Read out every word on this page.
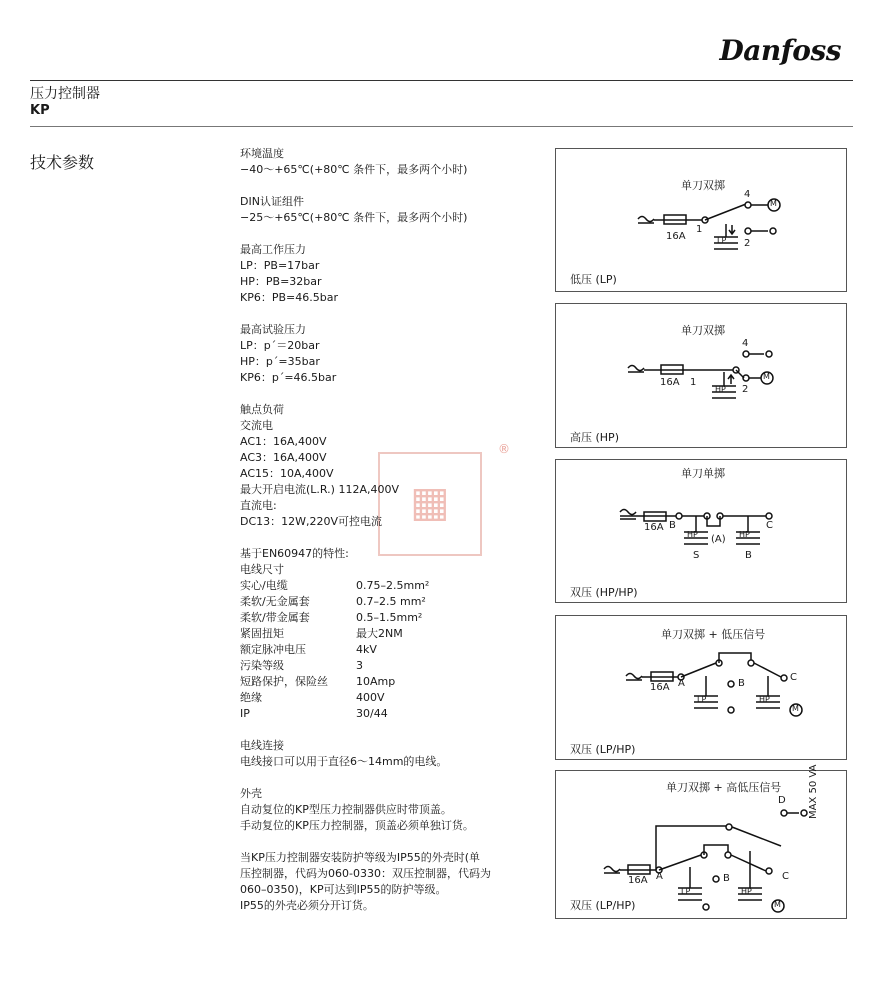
Danfoss
压力控制器
KP
技术参数
▦
®

环境温度

−40～+65℃(+80℃ 条件下，最多两个小时)

DIN认证组件

−25～+65℃(+80℃ 条件下，最多两个小时)

最高工作压力

LP：PB=17bar

HP：PB=32bar

KP6：PB=46.5bar

最高试验压力

LP：p´＝20bar

HP：p´=35bar

KP6：p´=46.5bar

触点负荷

交流电

AC1：16A,400V

AC3：16A,400V

AC15：10A,400V

最大开启电流(L.R.) 112A,400V

直流电:

DC13：12W,220V可控电流

基于EN60947的特性:

电线尺寸

实心/电缆	0.75–2.5mm²
柔软/无金属套	0.7–2.5 mm²
柔软/带金属套	0.5–1.5mm²
紧固扭矩	最大2NM
额定脉冲电压	4kV
污染等级	3
短路保护，保险丝	10Amp
绝缘	400V
IP	30/44

电线连接

电线接口可以用于直径6～14mm的电线。

外壳

自动复位的KP型压力控制器供应时带顶盖。

手动复位的KP压力控制器，顶盖必须单独订货。

当KP压力控制器安装防护等级为IP55的外壳时(单

压控制器，代码为060-0330：双压控制器，代码为

060–0350)，KP可达到IP55的防护等级。

IP55的外壳必须分开订货。

单刀双掷
16A
1
4
2
LP
M
低压 (LP)
单刀双掷
16A 1
4
2
HP
M
高压 (HP)
单刀单掷
16A B
(A)
C
S	B
HP	HP
双压 (HP/HP)
单刀双掷 + 低压信号
16A A	B
C
LP	HP
M
双压 (LP/HP)
单刀双掷 + 高低压信号
16A A	B	C
D
LP	HP
M
MAX 50 VA
双压 (LP/HP)
